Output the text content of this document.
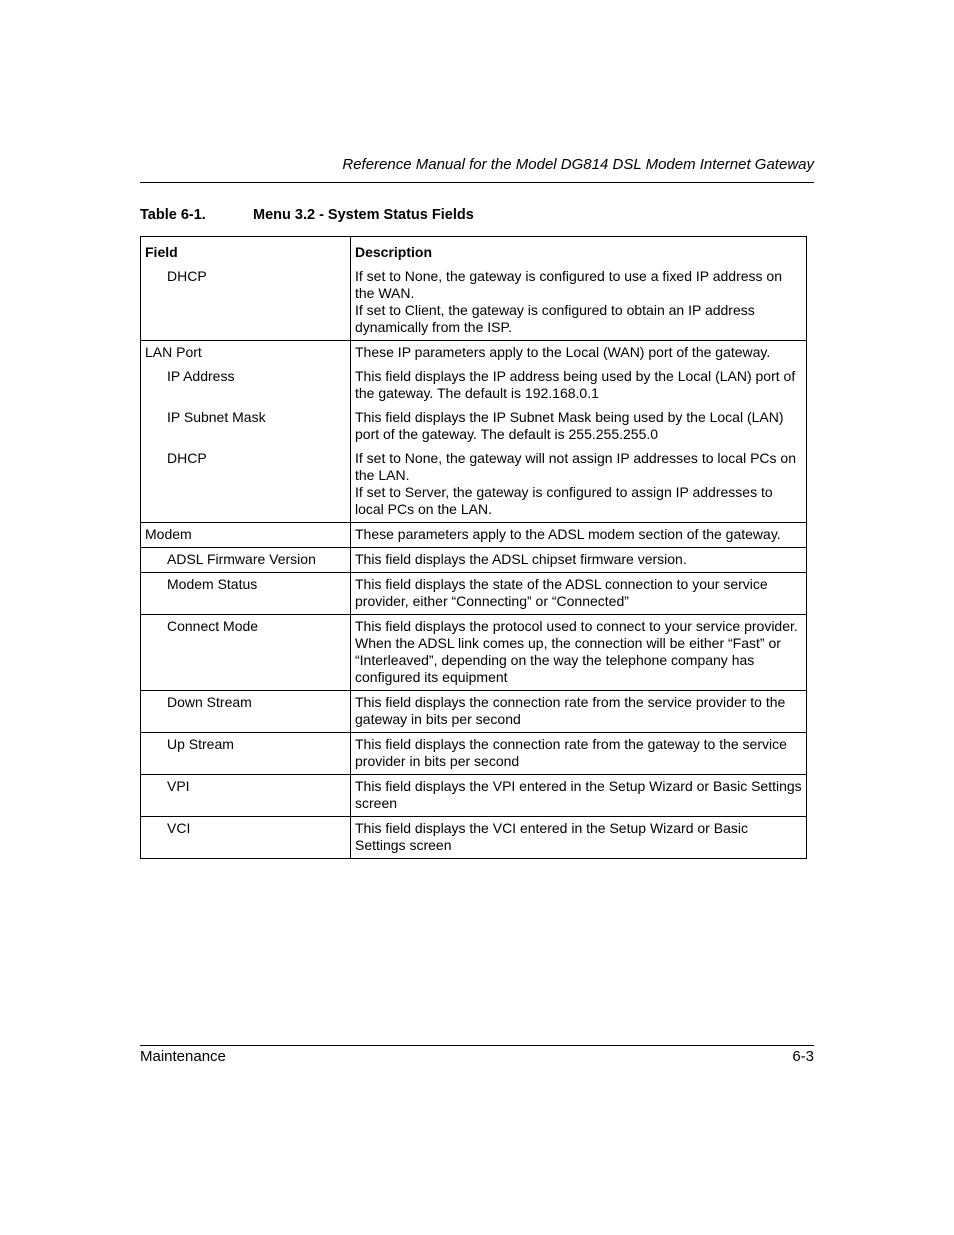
Reference Manual for the Model DG814 DSL Modem Internet Gateway
Table 6-1.	Menu 3.2 - System Status Fields
Field	Description
DHCP	If set to None, the gateway is configured to use a fixed IP address on the WAN.
If set to Client, the gateway is configured to obtain an IP address dynamically from the ISP.

LAN Port	These IP parameters apply to the Local (WAN) port of the gateway.

IP Address	This field displays the IP address being used by the Local (LAN) port of the gateway. The default is 192.168.0.1

IP Subnet Mask	This field displays the IP Subnet Mask being used by the Local (LAN) port of the gateway. The default is 255.255.255.0

DHCP	If set to None, the gateway will not assign IP addresses to local PCs on the LAN.
If set to Server, the gateway is configured to assign IP addresses to local PCs on the LAN.

Modem	These parameters apply to the ADSL modem section of the gateway.

ADSL Firmware Version	This field displays the ADSL chipset firmware version.

Modem Status	This field displays the state of the ADSL connection to your service provider, either “Connecting” or “Connected”

Connect Mode	This field displays the protocol used to connect to your service provider. When the ADSL link comes up, the connection will be either “Fast” or “Interleaved”, depending on the way the telephone company has configured its equipment

Down Stream	This field displays the connection rate from the service provider to the gateway in bits per second

Up Stream	This field displays the connection rate from the gateway to the service provider in bits per second

VPI	This field displays the VPI entered in the Setup Wizard or Basic Settings screen

VCI	This field displays the VCI entered in the Setup Wizard or Basic Settings screen
Maintenance	6-3
